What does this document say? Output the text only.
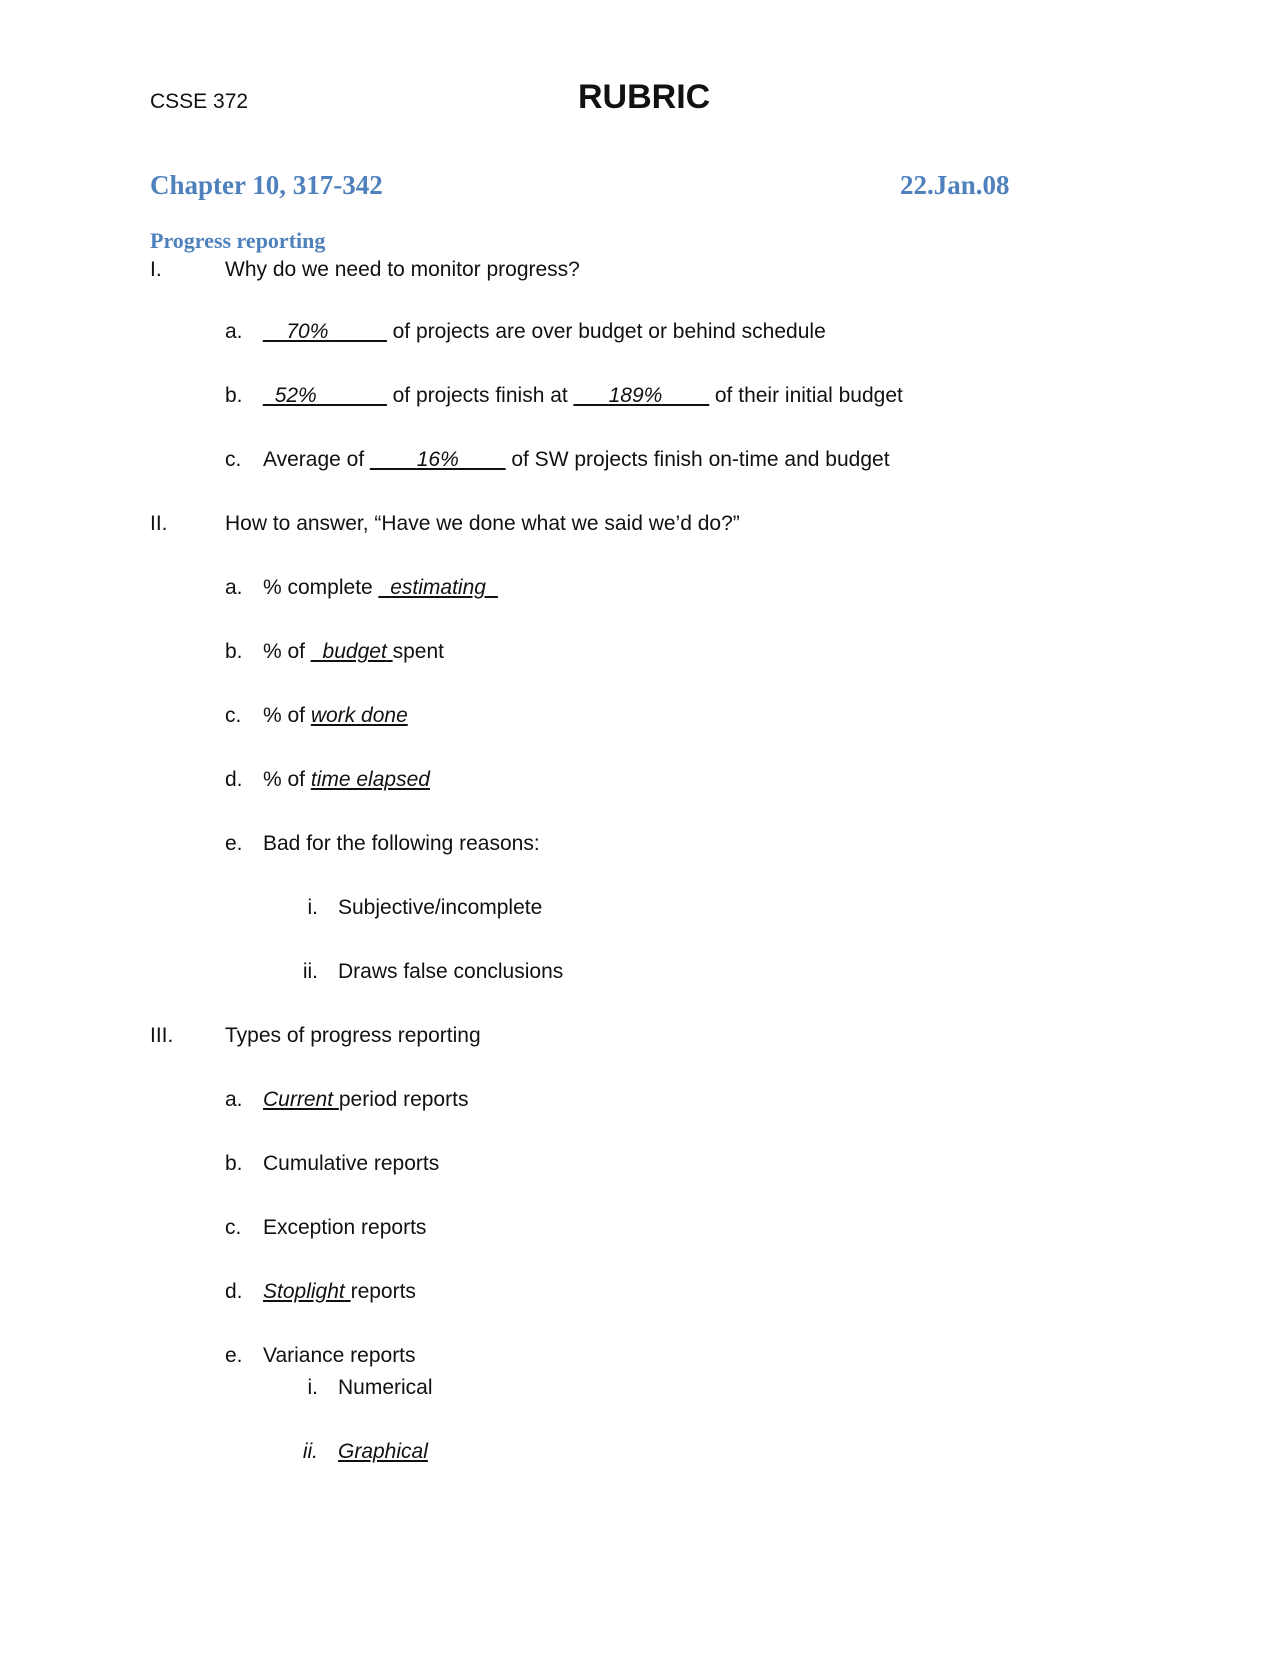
CSSE 372	RUBRIC
Chapter 10, 317-342	22.Jan.08
Progress reporting
I.	Why do we need to monitor progress?
a. __70%_____ of projects are over budget or behind schedule
b. _52%______ of projects finish at ___189%____ of their initial budget
c. Average of ____16%____ of SW projects finish on-time and budget
II.	How to answer, “Have we done what we said we’d do?”
a. % complete _estimating_
b. % of _budget spent
c. % of work done
d. % of time elapsed
e. Bad for the following reasons:
i. Subjective/incomplete
ii. Draws false conclusions
III. Types of progress reporting
a. Current period reports
b. Cumulative reports
c. Exception reports
d. Stoplight reports
e. Variance reports
i. Numerical
ii. Graphical
